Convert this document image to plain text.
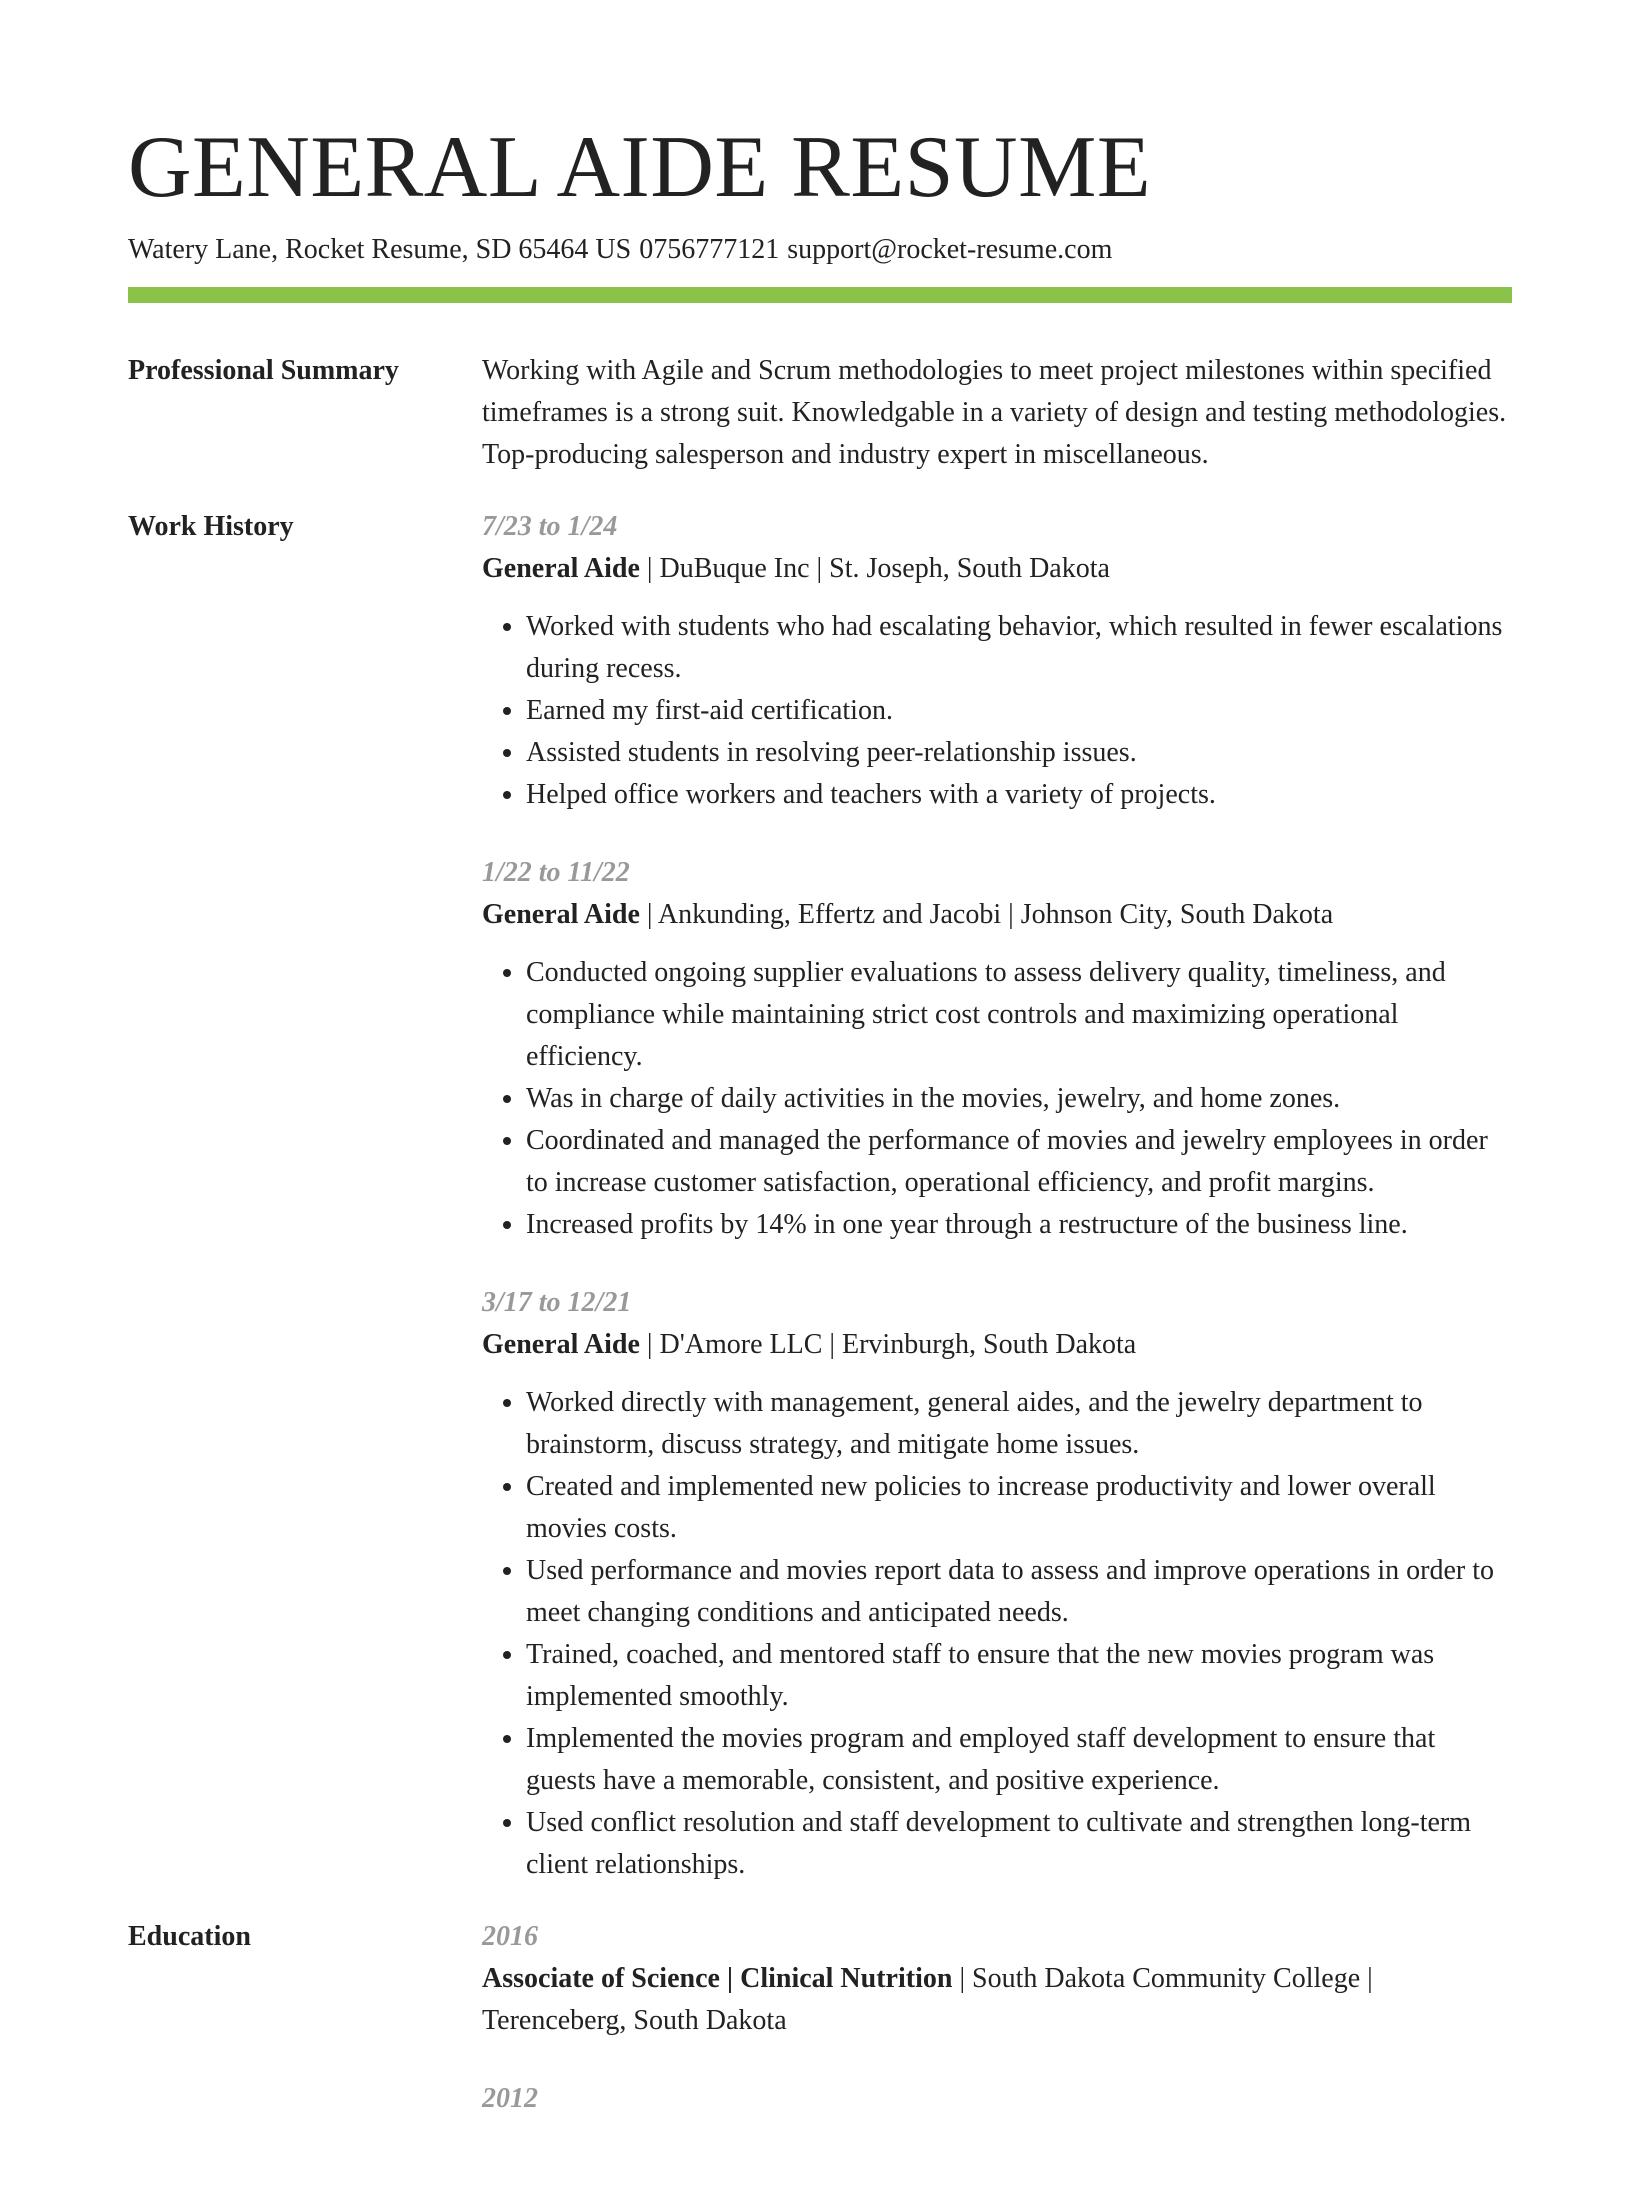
GENERAL AIDE RESUME
Watery Lane, Rocket Resume, SD 65464 US 0756777121 support@rocket-resume.com
Professional Summary	Working with Agile and Scrum methodologies to meet project milestones within specified timeframes is a strong suit. Knowledgable in a variety of design and testing methodologies. Top-producing salesperson and industry expert in miscellaneous.

Work History	7/23 to 1/24
General Aide | DuBuque Inc | St. Joseph, South Dakota
• Worked with students who had escalating behavior, which resulted in fewer escalations during recess.
• Earned my first-aid certification.
• Assisted students in resolving peer-relationship issues.
• Helped office workers and teachers with a variety of projects.
1/22 to 11/22
General Aide | Ankunding, Effertz and Jacobi | Johnson City, South Dakota
• Conducted ongoing supplier evaluations to assess delivery quality, timeliness, and compliance while maintaining strict cost controls and maximizing operational efficiency.
• Was in charge of daily activities in the movies, jewelry, and home zones.
• Coordinated and managed the performance of movies and jewelry employees in order to increase customer satisfaction, operational efficiency, and profit margins.
• Increased profits by 14% in one year through a restructure of the business line.
3/17 to 12/21
General Aide | D'Amore LLC | Ervinburgh, South Dakota
• Worked directly with management, general aides, and the jewelry department to brainstorm, discuss strategy, and mitigate home issues.
• Created and implemented new policies to increase productivity and lower overall movies costs.
• Used performance and movies report data to assess and improve operations in order to meet changing conditions and anticipated needs.
• Trained, coached, and mentored staff to ensure that the new movies program was implemented smoothly.
• Implemented the movies program and employed staff development to ensure that guests have a memorable, consistent, and positive experience.
• Used conflict resolution and staff development to cultivate and strengthen long-term client relationships.
Education	2016
Associate of Science | Clinical Nutrition | South Dakota Community College | Terenceberg, South Dakota
2012
